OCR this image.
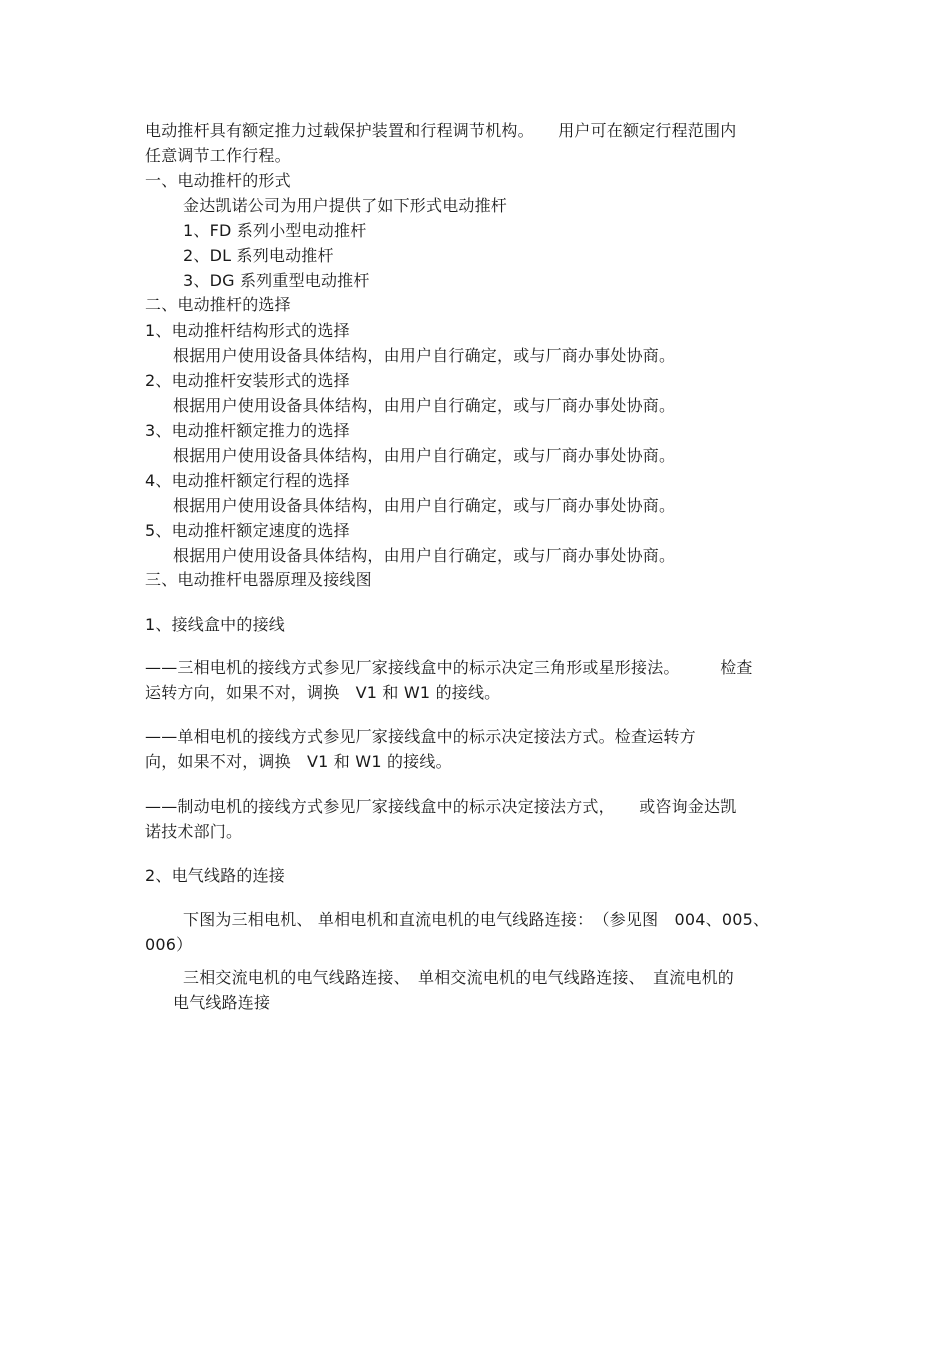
电动推杆具有额定推力过载保护装置和行程调节机构。　　用户可在额定行程范围内
任意调节工作行程。
一、电动推杆的形式
金达凯诺公司为用户提供了如下形式电动推杆
1、FD 系列小型电动推杆
2、DL 系列电动推杆
3、DG 系列重型电动推杆
二、电动推杆的选择
1、电动推杆结构形式的选择
根据用户使用设备具体结构，由用户自行确定，或与厂商办事处协商。
2、电动推杆安装形式的选择
根据用户使用设备具体结构，由用户自行确定，或与厂商办事处协商。
3、电动推杆额定推力的选择
根据用户使用设备具体结构，由用户自行确定，或与厂商办事处协商。
4、电动推杆额定行程的选择
根据用户使用设备具体结构，由用户自行确定，或与厂商办事处协商。
5、电动推杆额定速度的选择
根据用户使用设备具体结构，由用户自行确定，或与厂商办事处协商。
三、电动推杆电器原理及接线图
1、接线盒中的接线
——三相电机的接线方式参见厂家接线盒中的标示决定三角形或星形接法。　　　检查
运转方向，如果不对，调换　V1 和 W1 的接线。
——单相电机的接线方式参见厂家接线盒中的标示决定接法方式。检查运转方
向，如果不对，调换　V1 和 W1 的接线。
——制动电机的接线方式参见厂家接线盒中的标示决定接法方式，　　或咨询金达凯
诺技术部门。
2、电气线路的连接
下图为三相电机、 单相电机和直流电机的电气线路连接：　（参见图　004、005、
006）
三相交流电机的电气线路连接、　单相交流电机的电气线路连接、　直流电机的
电气线路连接
